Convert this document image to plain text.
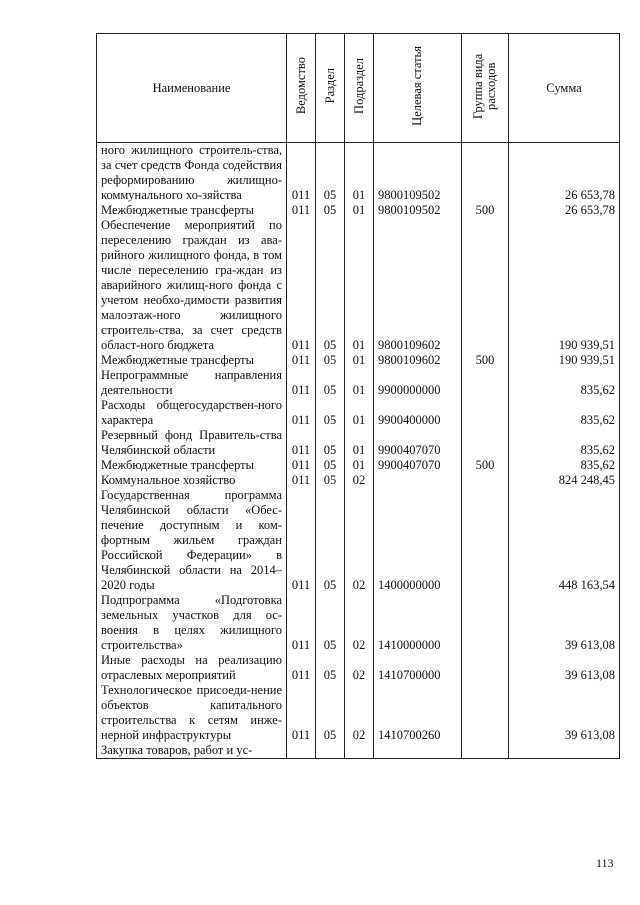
Наименование	Ведомство	Раздел	Подраздел	Целевая статья	Группа вида расходов	Сумма
ного жилищного строитель-ства, за счет средств Фонда содействия реформированию жилищно-коммунального хо-зяйства	011	05	01	9800109502		26 653,78
Межбюджетные трансферты	011	05	01	9800109502	500	26 653,78
Обеспечение мероприятий по переселению граждан из ава-рийного жилищного фонда, в том числе переселению гра-ждан из аварийного жилищ-ного фонда с учетом необхо-димости развития малоэтаж-ного жилищного строитель-ства, за счет средств област-ного бюджета	011	05	01	9800109602		190 939,51
Межбюджетные трансферты	011	05	01	9800109602	500	190 939,51
Непрограммные направления деятельности	011	05	01	9900000000		835,62
Расходы общегосударствен-ного характера	011	05	01	9900400000		835,62
Резервный фонд Правитель-ства Челябинской области	011	05	01	9900407070		835,62
Межбюджетные трансферты	011	05	01	9900407070	500	835,62
Коммунальное хозяйство	011	05	02			824 248,45
Государственная программа Челябинской области «Обес-печение доступным и ком-фортным жильем граждан Российской Федерации» в Челябинской области на 2014–2020 годы	011	05	02	1400000000		448 163,54
Подпрограмма «Подготовка земельных участков для ос-воения в целях жилищного строительства»	011	05	02	1410000000		39 613,08
Иные расходы на реализацию отраслевых мероприятий	011	05	02	1410700000		39 613,08
Технологическое присоеди-нение объектов капитального строительства к сетям инже-нерной инфраструктуры	011	05	02	1410700260		39 613,08
Закупка товаров, работ и ус-						
113
